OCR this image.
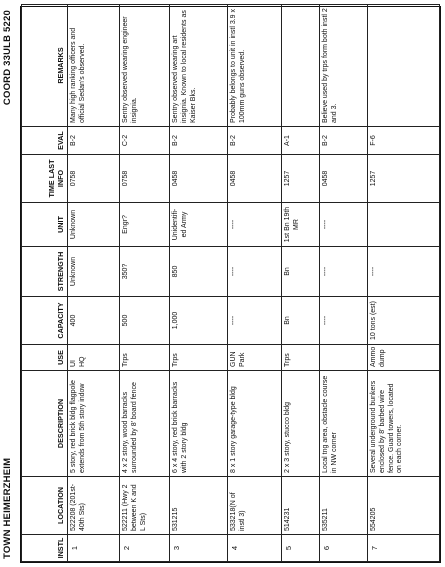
TOWN HEIMERZHEIM
COORD 33ULB 5220
INSTL	LOCATION	DESCRIPTION	USE	CAPACITY	STRENGTH	UNIT	TIME LAST INFO	EVAL	REMARKS
1	522208 (201st-40th Sts)	5 story, red brick bldg flagpole extends from 5th story indow	UI HQ	400	Unknown	Unknown	0758	B-2	Many high ranking officers and official Sedan's observed.
2	522211 (Hwy 2 between K and L Sts)	4 x 2 story, wood barracks surrounded by 8' board fence	Trps	500	350?	Engr?	0758	C-2	Sentry observed wearing engineer insignia.
3	531215	6 x 4 story, red brick barracks with 2 story bldg	Trps	1,000	850	Unidentifi-ed Army	0458	B-2	Sentry observed wearing art insignia. Known to local residents as Kaiser Bks.
4	533218(N of instl 3)	8 x 1 story garage-type bldg	GUN Park	----	----	----	0458	B-2	Probably belongs to unit in instl 3.9 x 100mm guns observed.
5	514231	2 x 3 story, stucco bldg	Trps	Bn	Bn	1st Bn 19th MR	1257	A-1	
6	535211	Local tng area, obstacle course in NW corner		----	----	----	0458	B-2	Believe used by trps form both instl 2 and 3.
7	554205	Several underground bunkers enclosed by 8' barbed wire fence. Guard towers, located on each corner.	Ammo dump	10 tons (est)	----		1257	F-6	
